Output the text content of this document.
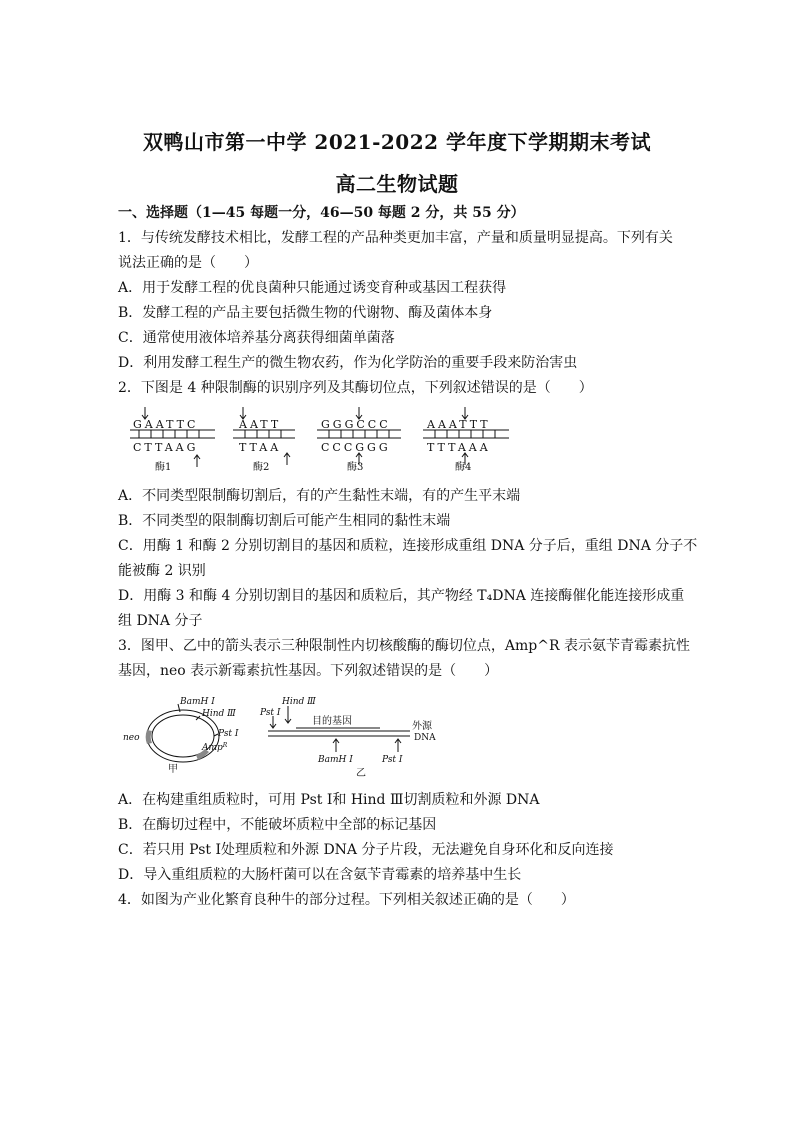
双鸭山市第一中学 2021-2022 学年度下学期期末考试
高二生物试题
一、选择题（1—45 每题一分，46—50 每题 2 分，共 55 分）
1．与传统发酵技术相比，发酵工程的产品种类更加丰富，产量和质量明显提高。下列有关
说法正确的是（　　）
A．用于发酵工程的优良菌种只能通过诱变育种或基因工程获得
B．发酵工程的产品主要包括微生物的代谢物、酶及菌体本身
C．通常使用液体培养基分离获得细菌单菌落
D．利用发酵工程生产的微生物农药，作为化学防治的重要手段来防治害虫
2．下图是 4 种限制酶的识别序列及其酶切位点，下列叙述错误的是（　　）
GAATTC
CTTAAG
酶1
AATT
TTAA
酶2
GGGCCC
CCCGGG
酶3
AAATTT
TTTAAA
酶4
A．不同类型限制酶切割后，有的产生黏性末端，有的产生平末端
B．不同类型的限制酶切割后可能产生相同的黏性末端
C．用酶 1 和酶 2 分别切割目的基因和质粒，连接形成重组 DNA 分子后，重组 DNA 分子不
能被酶 2 识别
D．用酶 3 和酶 4 分别切割目的基因和质粒后，其产物经 T₄DNA 连接酶催化能连接形成重
组 DNA 分子
3．图甲、乙中的箭头表示三种限制性内切核酸酶的酶切位点，Amp^R 表示氨苄青霉素抗性
基因，neo 表示新霉素抗性基因。下列叙述错误的是（　　）
BamH Ⅰ
Hind Ⅲ
Pst Ⅰ
Amp$^R$
neo
甲
Hind Ⅲ
Pst Ⅰ
目的基因	外源
DNA
BamH Ⅰ	Pst Ⅰ
乙
A．在构建重组质粒时，可用 Pst Ⅰ和 Hind Ⅲ切割质粒和外源 DNA
B．在酶切过程中，不能破坏质粒中全部的标记基因
C．若只用 Pst Ⅰ处理质粒和外源 DNA 分子片段，无法避免自身环化和反向连接
D．导入重组质粒的大肠杆菌可以在含氨苄青霉素的培养基中生长
4．如图为产业化繁育良种牛的部分过程。下列相关叙述正确的是（　　）
